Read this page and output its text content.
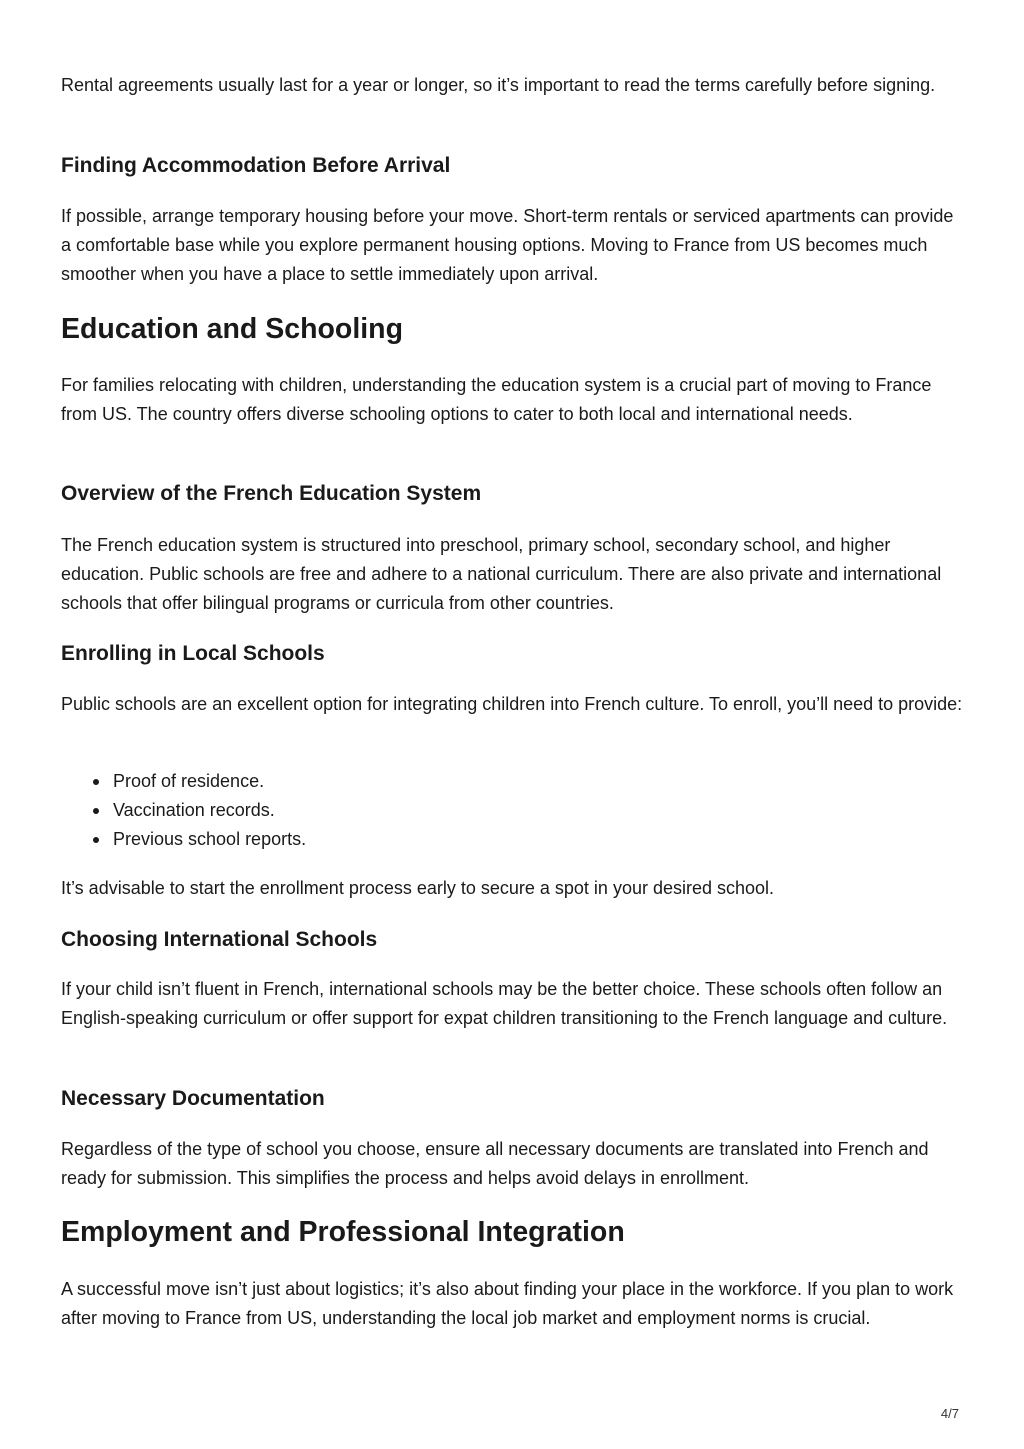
Rental agreements usually last for a year or longer, so it’s important to read the terms carefully before signing.

Finding Accommodation Before Arrival

If possible, arrange temporary housing before your move. Short-term rentals or serviced apartments can provide a comfortable base while you explore permanent housing options. Moving to France from US becomes much smoother when you have a place to settle immediately upon arrival.

Education and Schooling

For families relocating with children, understanding the education system is a crucial part of moving to France from US. The country offers diverse schooling options to cater to both local and international needs.

Overview of the French Education System

The French education system is structured into preschool, primary school, secondary school, and higher education. Public schools are free and adhere to a national curriculum. There are also private and international schools that offer bilingual programs or curricula from other countries.

Enrolling in Local Schools

Public schools are an excellent option for integrating children into French culture. To enroll, you’ll need to provide:

Proof of residence.
Vaccination records.
Previous school reports.

It’s advisable to start the enrollment process early to secure a spot in your desired school.

Choosing International Schools

If your child isn’t fluent in French, international schools may be the better choice. These schools often follow an English-speaking curriculum or offer support for expat children transitioning to the French language and culture.

Necessary Documentation

Regardless of the type of school you choose, ensure all necessary documents are translated into French and ready for submission. This simplifies the process and helps avoid delays in enrollment.

Employment and Professional Integration

A successful move isn’t just about logistics; it’s also about finding your place in the workforce. If you plan to work after moving to France from US, understanding the local job market and employment norms is crucial.

4/7
